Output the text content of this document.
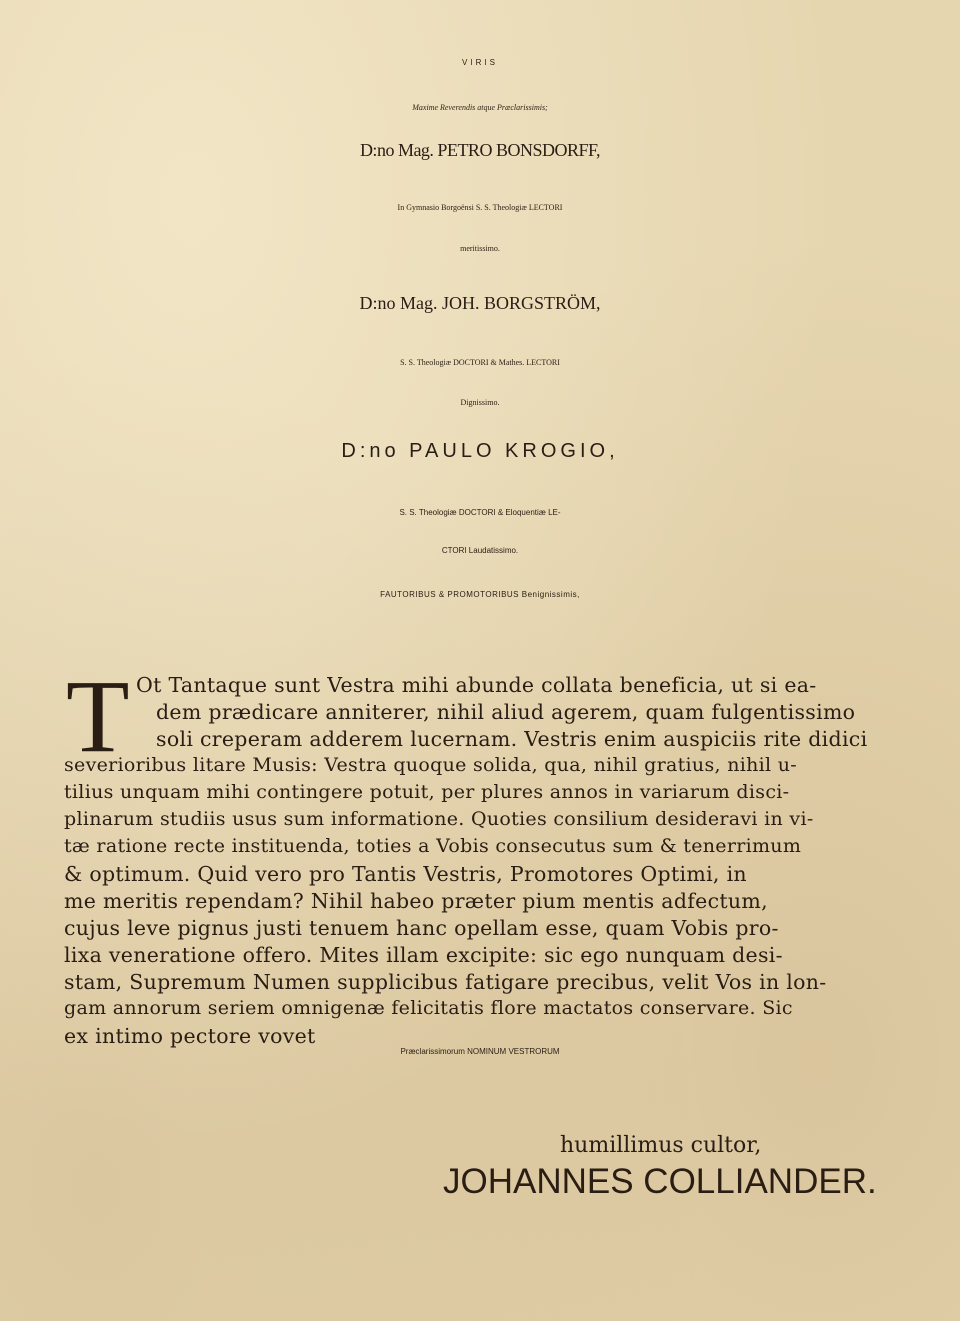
VIRIS
Maxime Reverendis atque Præclarissimis;
D:no Mag. PETRO BONSDORFF,
In Gymnasio Borgoënsi S. S. Theologiæ LECTORI
meritissimo.
D:no Mag. JOH. BORGSTRÖM,
S. S. Theologiæ DOCTORI & Mathes. LECTORI
Dignissimo.
D:no PAULO KROGIO,
S. S. Theologiæ DOCTORI & Eloquentiæ LE-
CTORI Laudatissimo.
FAUTORIBUS & PROMOTORIBUS Benignissimis,
T Ot Tantaque sunt Vestra mihi abunde collata beneficia, ut si ea-
dem prædicare anniterer, nihil aliud agerem, quam fulgentissimo
soli creperam adderem lucernam. Vestris enim auspiciis rite didici
severioribus litare Musis: Vestra quoque solida, qua, nihil gratius, nihil u-
tilius unquam mihi contingere potuit, per plures annos in variarum disci-
plinarum studiis usus sum informatione. Quoties consilium desideravi in vi-
tæ ratione recte instituenda, toties a Vobis consecutus sum & tenerrimum
& optimum. Quid vero pro Tantis Vestris, Promotores Optimi, in
me meritis rependam? Nihil habeo præter pium mentis adfectum,
cujus leve pignus justi tenuem hanc opellam esse, quam Vobis pro-
lixa veneratione offero. Mites illam excipite: sic ego nunquam desi-
stam, Supremum Numen supplicibus fatigare precibus, velit Vos in lon-
gam annorum seriem omnigenæ felicitatis flore mactatos conservare. Sic
ex intimo pectore vovet
Præclarissimorum NOMINUM VESTRORUM
humillimus cultor,
JOHANNES COLLIANDER.
